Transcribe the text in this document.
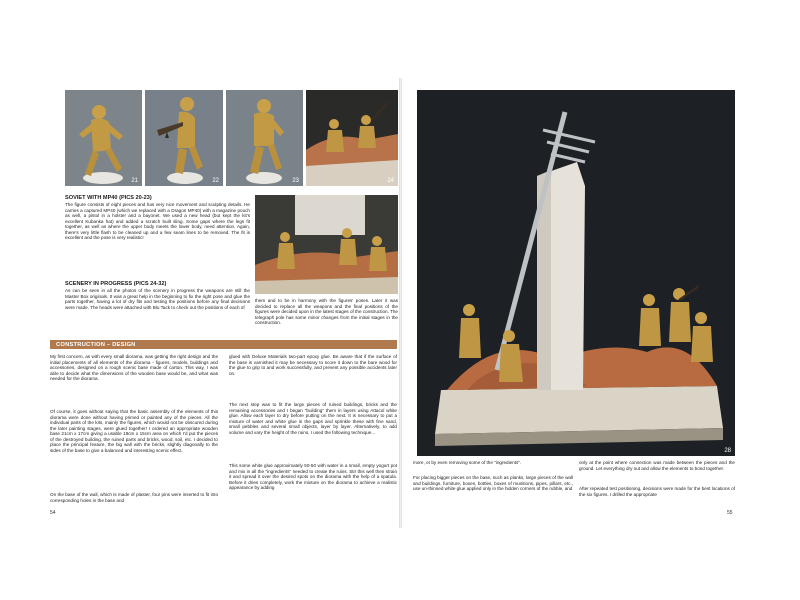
21	22	23	24
SOVIET WITH MP40 (PICS 20-23)
The figure consists of eight pieces and has very nice movement and sculpting details. He carries a captured MP40 (which we replaced with a Dragon MP40) with a magazine pouch as well, a pistol in a holster and a bayonet. We used a new head (but kept the kit's excellent Kubanka hat) and added a scratch built sling. Some gaps where the legs fit together, as well as where the upper body meets the lower body, need attention. Again, there's very little flash to be cleaned up and a few seam lines to be removed. The fit is excellent and the pose is very realistic!
SCENERY IN PROGRESS (PICS 24-32)
As can be seen in all the photos of the scenery in progress the weapons are still the Master Box originals. It was a great help in the beginning to fix the right pose and glue the parts together, having a lot of dry fits and testing the positions before any final decisions were made. The heads were attached with Blu Tack to check out the positions of each of
them and to be in harmony with the figures' poses. Later it was decided to replace all the weapons and the final positions of the figures were decided upon in the latest stages of the construction. The telegraph pole has some minor changes from the initial stages in the construction.
CONSTRUCTION – DESIGN
My first concern, as with every small diorama, was getting the right design and the initial placements of all elements of the diorama - figures, models, buildings and accessories, designed on a rough scenic base made of carton. This way, I was able to decide what the dimensions of the wooden base would be, and what was needed for the diorama.
Of course, it goes without saying that the basic assembly of the elements of this diorama were done without having primed or painted any of the pieces. All the individual parts of the kits, mainly the figures, which would not be obscured during the later painting stages, were glued together! I ordered an appropriate wooden base 21cm x 17cm giving a usable 19cm x 15cm area on which I'd put the pieces of the destroyed building, the ruined parts and bricks, wood, soil, etc. I decided to place the principal feature, the big wall with the bricks, slightly diagonally to the sides of the base to give a balanced and interesting scenic effect.
On the base of the wall, which is made of plaster, four pins were inserted to fit into corresponding holes in the base and
glued with Deluxe Materials two-part epoxy glue. Be aware that if the surface of the base is varnished it may be necessary to score it down to the bare wood for the glue to grip to and work successfully, and prevent any possible accidents later on.
The next step was to fit the large pieces of ruined buildings, bricks and the remaining accessories and I began "building" them in layers using Attacol white glue. Allow each layer to dry before putting on the next. It is necessary to put a mixture of water and white glue in the gaps and sprinkle these with fine sand, small pebbles and several small objects, layer by layer. Alternatively, to add volume and vary the height of the ruins, I used the following technique...
This some white glue approximately 50-50 with water in a small, empty yogurt pot and mix in all the "ingredients" needed to create the ruins. Stir this well then strain it and spread it over the desired spots on the diorama with the help of a spatula. Before it dries completely, work the mixture on the diorama to achieve a realistic appearance by adding
54
28
more, or by even removing some of the "ingredients".
For placing bigger pieces on the base, such as planks, large pieces of the wall and buildings, furniture, boxes, bottles, boxes of munitions, pipes, pillars, etc., use un-thinned white glue applied only in the hidden corners of the rubble, and
only at the point where connection was made between the pieces and the ground. Let everything dry out and allow the elements to bond together.
After repeated test positioning, decisions were made for the best locations of the six figures. I drilled the appropriate
55
